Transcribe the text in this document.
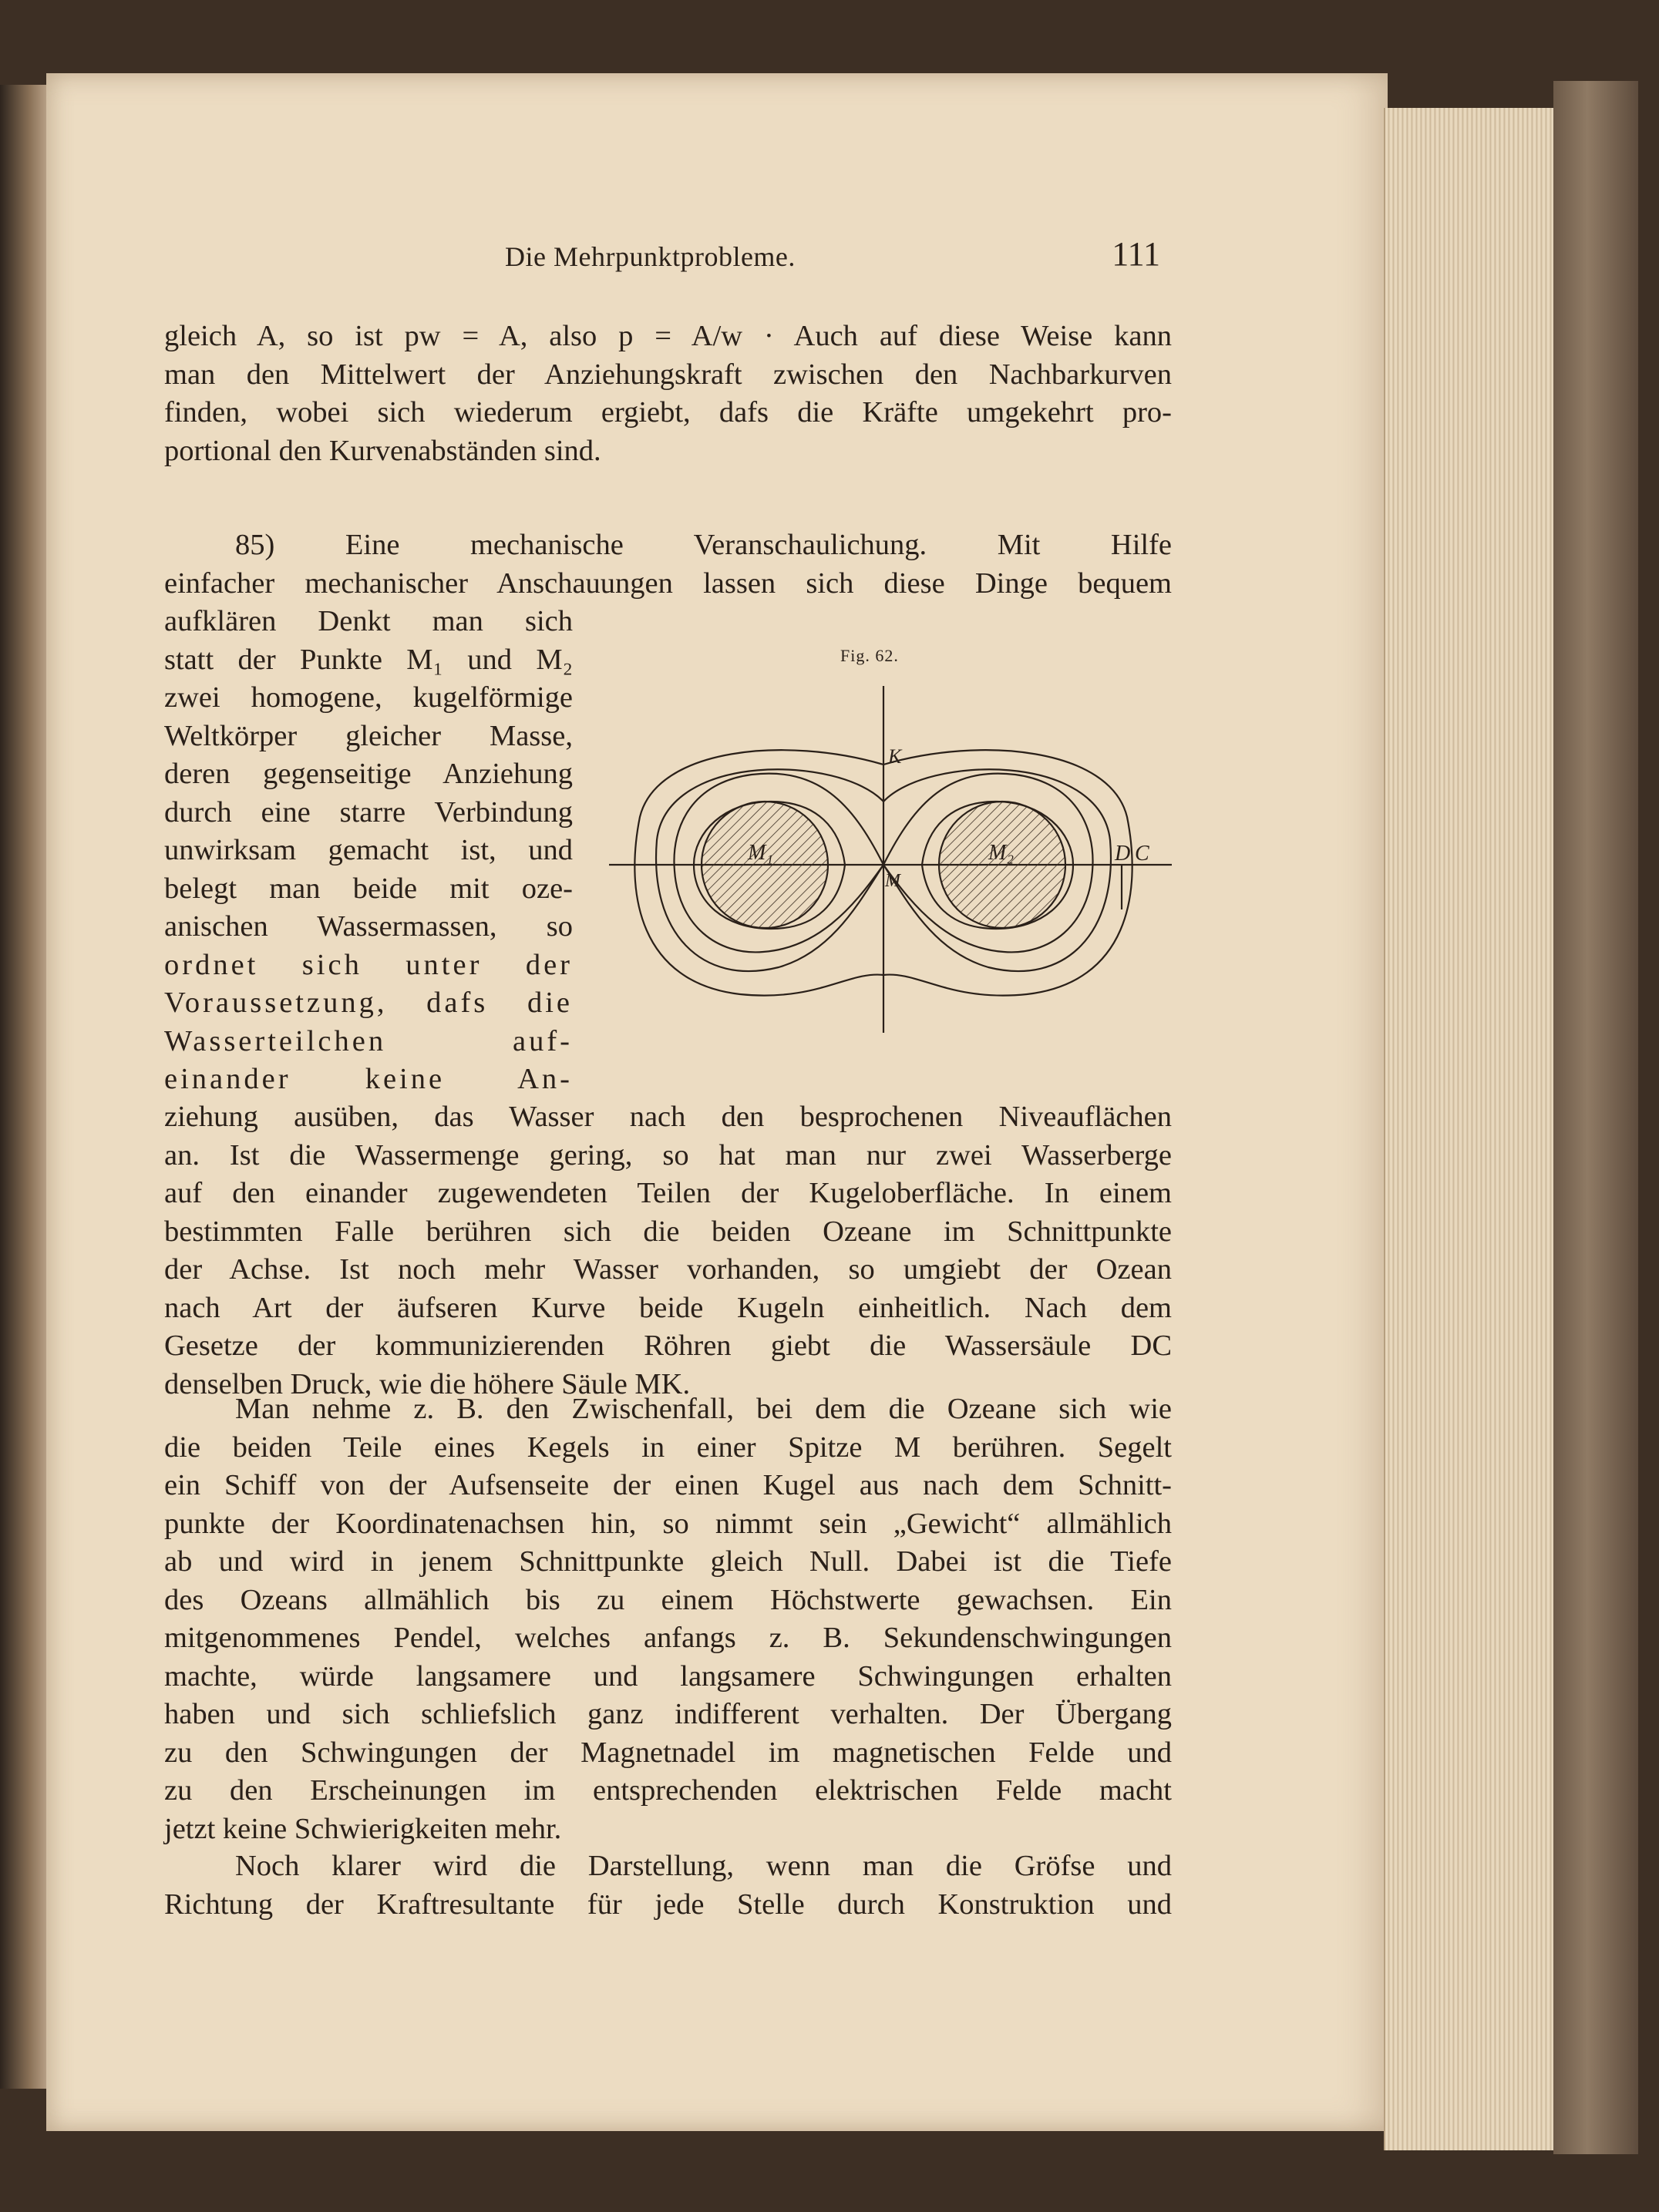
Die Mehrpunktprobleme.	111
gleich A, so ist pw = A, also p = A/w · Auch auf diese Weise kann
man den Mittelwert der Anziehungskraft zwischen den Nachbarkurven
finden, wobei sich wiederum ergiebt, dafs die Kräfte umgekehrt pro-
portional den Kurvenabständen sind.
85) Eine mechanische Veranschaulichung. Mit Hilfe
einfacher mechanischer Anschauungen lassen sich diese Dinge bequem
aufklären Denkt man sich
statt der Punkte M₁ und M₂
zwei homogene, kugelförmige
Weltkörper gleicher Masse,
deren gegenseitige Anziehung
durch eine starre Verbindung
unwirksam gemacht ist, und
belegt man beide mit oze-
anischen Wassermassen, so
ordnet sich unter der
Voraussetzung, dafs die
Wasserteilchen auf-
einander keine An-
ziehung ausüben, das Wasser nach den besprochenen Niveauflächen
an. Ist die Wassermenge gering, so hat man nur zwei Wasserberge
auf den einander zugewendeten Teilen der Kugeloberfläche. In einem
bestimmten Falle berühren sich die beiden Ozeane im Schnittpunkte
der Achse. Ist noch mehr Wasser vorhanden, so umgiebt der Ozean
nach Art der äufseren Kurve beide Kugeln einheitlich. Nach dem
Gesetze der kommunizierenden Röhren giebt die Wassersäule DC
denselben Druck, wie die höhere Säule MK.
Man nehme z. B. den Zwischenfall, bei dem die Ozeane sich wie
die beiden Teile eines Kegels in einer Spitze M berühren. Segelt
ein Schiff von der Aufsenseite der einen Kugel aus nach dem Schnitt-
punkte der Koordinatenachsen hin, so nimmt sein „Gewicht“ allmählich
ab und wird in jenem Schnittpunkte gleich Null. Dabei ist die Tiefe
des Ozeans allmählich bis zu einem Höchstwerte gewachsen. Ein
mitgenommenes Pendel, welches anfangs z. B. Sekundenschwingungen
machte, würde langsamere und langsamere Schwingungen erhalten
haben und sich schliefslich ganz indifferent verhalten. Der Übergang
zu den Schwingungen der Magnetnadel im magnetischen Felde und
zu den Erscheinungen im entsprechenden elektrischen Felde macht
jetzt keine Schwierigkeiten mehr.
Noch klarer wird die Darstellung, wenn man die Gröfse und
Richtung der Kraftresultante für jede Stelle durch Konstruktion und
Fig. 62.
K
M
M₁	M₂	D C
